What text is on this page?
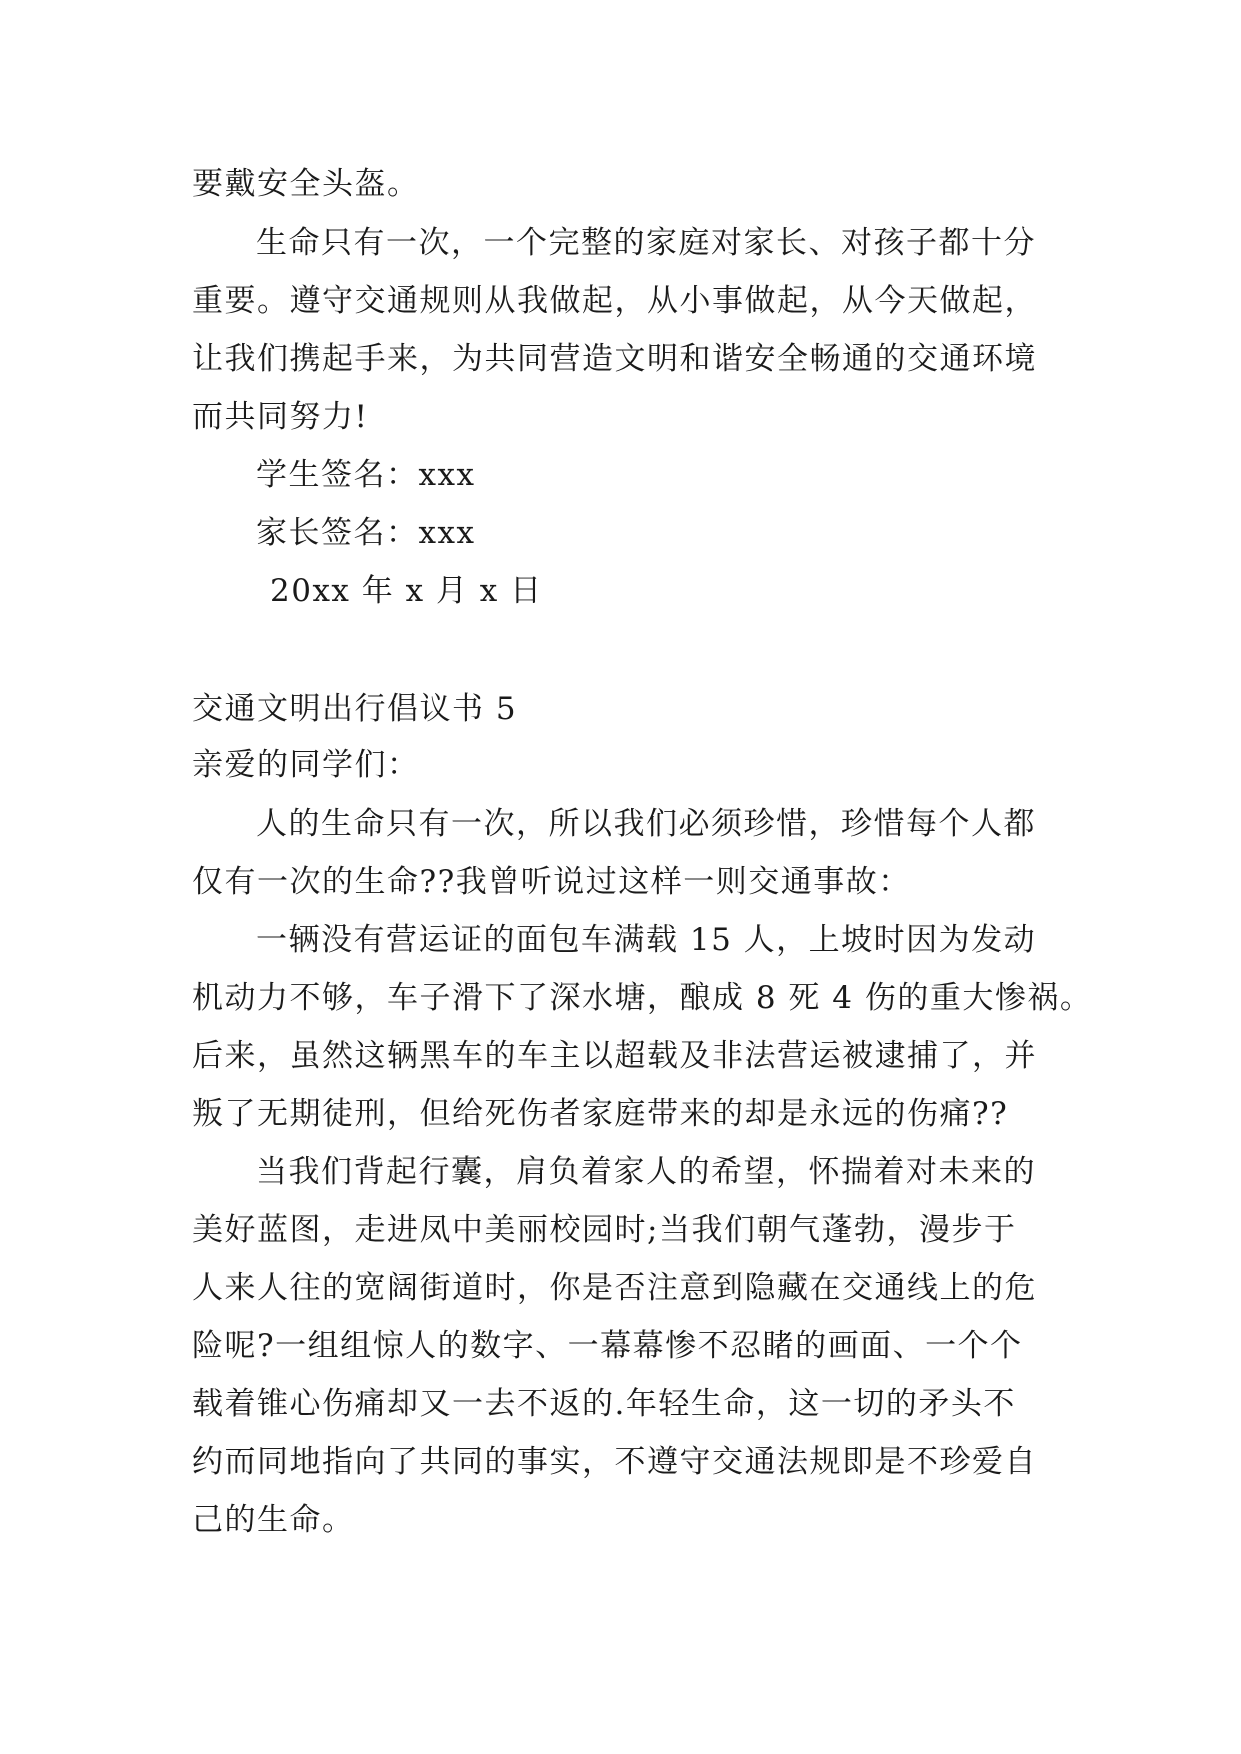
要戴安全头盔。
生命只有一次，一个完整的家庭对家长、对孩子都十分
重要。遵守交通规则从我做起，从小事做起，从今天做起，
让我们携起手来，为共同营造文明和谐安全畅通的交通环境
而共同努力!
学生签名：xxx
家长签名：xxx
20xx 年 x 月 x 日
交通文明出行倡议书 5
亲爱的同学们：
人的生命只有一次，所以我们必须珍惜，珍惜每个人都
仅有一次的生命??我曾听说过这样一则交通事故：
一辆没有营运证的面包车满载 15 人，上坡时因为发动
机动力不够，车子滑下了深水塘，酿成 8 死 4 伤的重大惨祸。
后来，虽然这辆黑车的车主以超载及非法营运被逮捕了，并
叛了无期徒刑，但给死伤者家庭带来的却是永远的伤痛??
当我们背起行囊，肩负着家人的希望，怀揣着对未来的
美好蓝图，走进凤中美丽校园时;当我们朝气蓬勃，漫步于
人来人往的宽阔街道时，你是否注意到隐藏在交通线上的危
险呢?一组组惊人的数字、一幕幕惨不忍睹的画面、一个个
载着锥心伤痛却又一去不返的.年轻生命，这一切的矛头不
约而同地指向了共同的事实，不遵守交通法规即是不珍爱自
己的生命。
